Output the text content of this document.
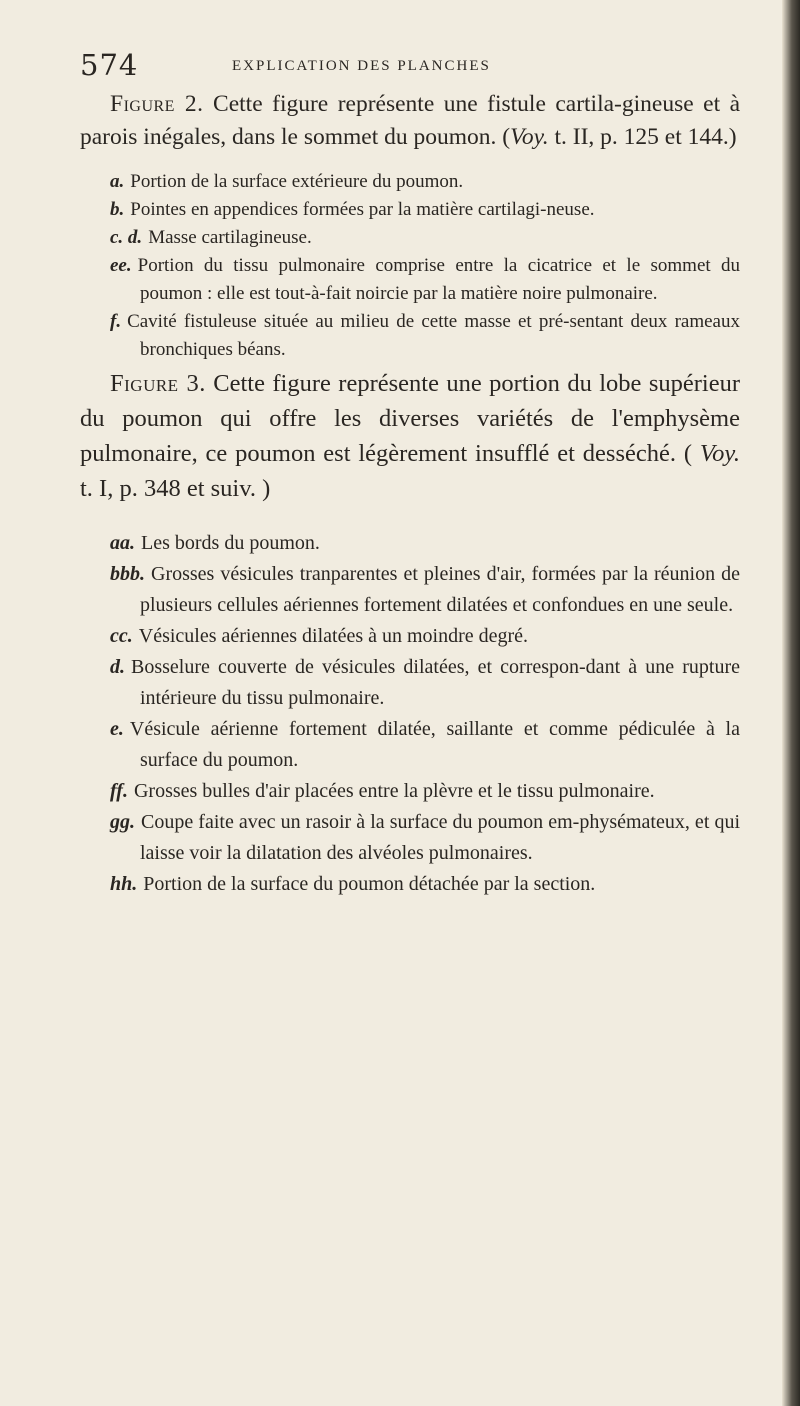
574	EXPLICATION DES PLANCHES

Figure 2. Cette figure représente une fistule cartila-gineuse et à parois inégales, dans le sommet du poumon. (Voy. t. II, p. 125 et 144.)

a. Portion de la surface extérieure du poumon.

b. Pointes en appendices formées par la matière cartilagi-neuse.

c. d. Masse cartilagineuse.

ee. Portion du tissu pulmonaire comprise entre la cicatrice et le sommet du poumon : elle est tout-à-fait noircie par la matière noire pulmonaire.

f. Cavité fistuleuse située au milieu de cette masse et pré-sentant deux rameaux bronchiques béans.

Figure 3. Cette figure représente une portion du lobe supérieur du poumon qui offre les diverses variétés de l'emphysème pulmonaire, ce poumon est légèrement insufflé et desséché. ( Voy. t. I, p. 348 et suiv. )

aa. Les bords du poumon.

bbb. Grosses vésicules tranparentes et pleines d'air, formées par la réunion de plusieurs cellules aériennes fortement dilatées et confondues en une seule.

cc. Vésicules aériennes dilatées à un moindre degré.

d. Bosselure couverte de vésicules dilatées, et correspon-dant à une rupture intérieure du tissu pulmonaire.

e. Vésicule aérienne fortement dilatée, saillante et comme pédiculée à la surface du poumon.

ff. Grosses bulles d'air placées entre la plèvre et le tissu pulmonaire.

gg. Coupe faite avec un rasoir à la surface du poumon em-physémateux, et qui laisse voir la dilatation des alvéoles pulmonaires.

hh. Portion de la surface du poumon détachée par la section.
